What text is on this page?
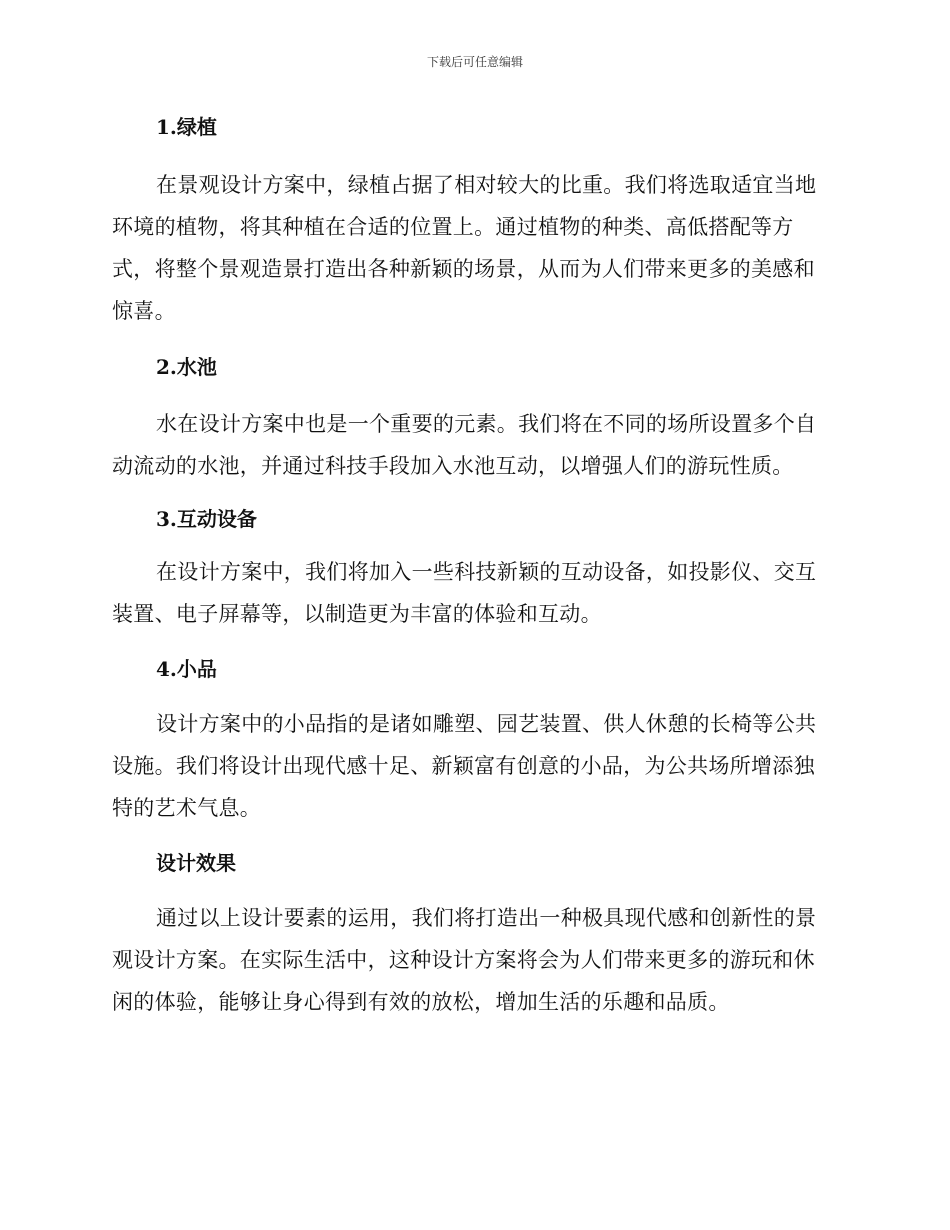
下载后可任意编辑
1.绿植

在景观设计方案中，绿植占据了相对较大的比重。我们将选取适宜当地环境的植物，将其种植在合适的位置上。通过植物的种类、高低搭配等方式，将整个景观造景打造出各种新颖的场景，从而为人们带来更多的美感和惊喜。

2.水池

水在设计方案中也是一个重要的元素。我们将在不同的场所设置多个自动流动的水池，并通过科技手段加入水池互动，以增强人们的游玩性质。

3.互动设备

在设计方案中，我们将加入一些科技新颖的互动设备，如投影仪、交互装置、电子屏幕等，以制造更为丰富的体验和互动。

4.小品

设计方案中的小品指的是诸如雕塑、园艺装置、供人休憩的长椅等公共设施。我们将设计出现代感十足、新颖富有创意的小品，为公共场所增添独特的艺术气息。

设计效果

通过以上设计要素的运用，我们将打造出一种极具现代感和创新性的景观设计方案。在实际生活中，这种设计方案将会为人们带来更多的游玩和休闲的体验，能够让身心得到有效的放松，增加生活的乐趣和品质。
